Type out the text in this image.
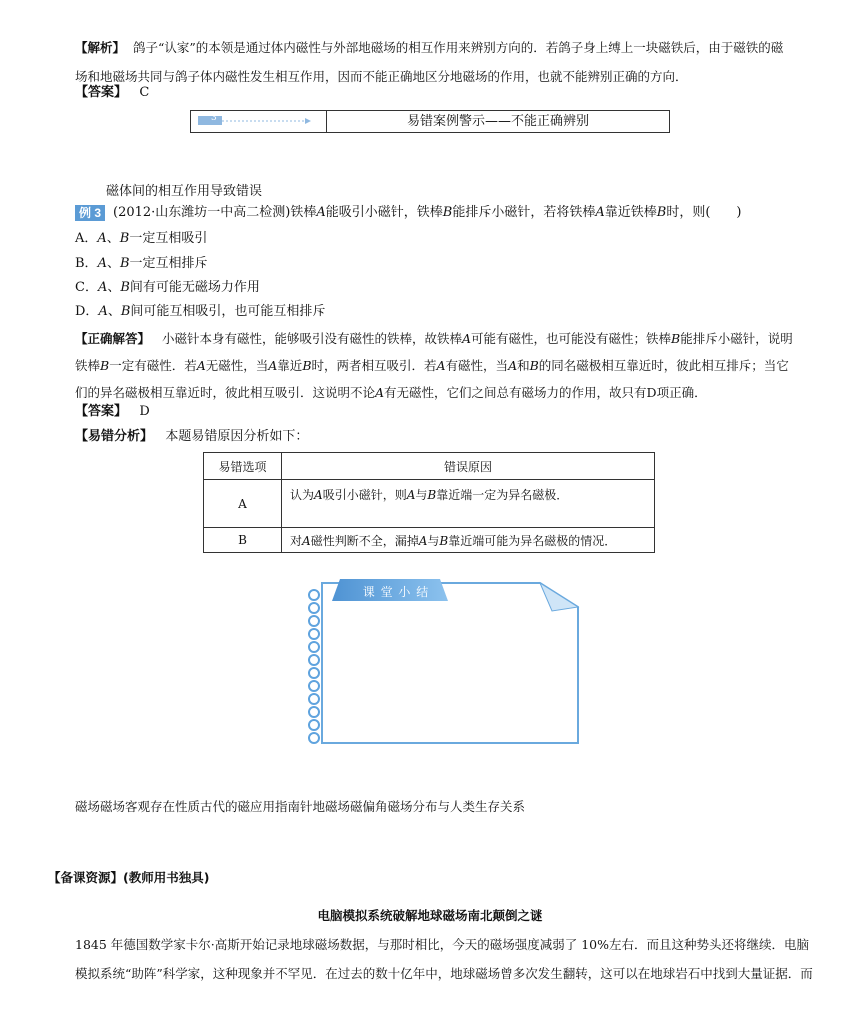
【解析】 鸽子“认家”的本领是通过体内磁性与外部地磁场的相互作用来辨别方向的．若鸽子身上缚上一块磁铁后，由于磁铁的磁
场和地磁场共同与鸽子体内磁性发生相互作用，因而不能正确地区分地磁场的作用，也就不能辨别正确的方向．
【答案】 C
3	易错案例警示——不能正确辨别
磁体间的相互作用导致错误
例 3 (2012·山东潍坊一中高二检测)铁棒A能吸引小磁针，铁棒B能排斥小磁针，若将铁棒A靠近铁棒B时，则(　　)
A．A、B一定互相吸引
B．A、B一定互相排斥
C．A、B间有可能无磁场力作用
D．A、B间可能互相吸引，也可能互相排斥
【正确解答】 小磁针本身有磁性，能够吸引没有磁性的铁棒，故铁棒A可能有磁性，也可能没有磁性；铁棒B能排斥小磁针，说明
铁棒B一定有磁性．若A无磁性，当A靠近B时，两者相互吸引．若A有磁性，当A和B的同名磁极相互靠近时，彼此相互排斥；当它
们的异名磁极相互靠近时，彼此相互吸引．这说明不论A有无磁性，它们之间总有磁场力的作用，故只有D项正确．
【答案】 D
【易错分析】 本题易错原因分析如下：
易错选项	错误原因
A	认为A吸引小磁针，则A与B靠近端一定为异名磁极．
B	对A磁性判断不全，漏掉A与B靠近端可能为异名磁极的情况．
课 堂 小 结
磁场磁场客观存在性质古代的磁应用指南针地磁场磁偏角磁场分布与人类生存关系
【备课资源】(教师用书独具)
电脑模拟系统破解地球磁场南北颠倒之谜
1845 年德国数学家卡尔·高斯开始记录地球磁场数据，与那时相比，今天的磁场强度减弱了 10%左右．而且这种势头还将继续．电脑
模拟系统“助阵”科学家，这种现象并不罕见．在过去的数十亿年中，地球磁场曾多次发生翻转，这可以在地球岩石中找到大量证据．而
